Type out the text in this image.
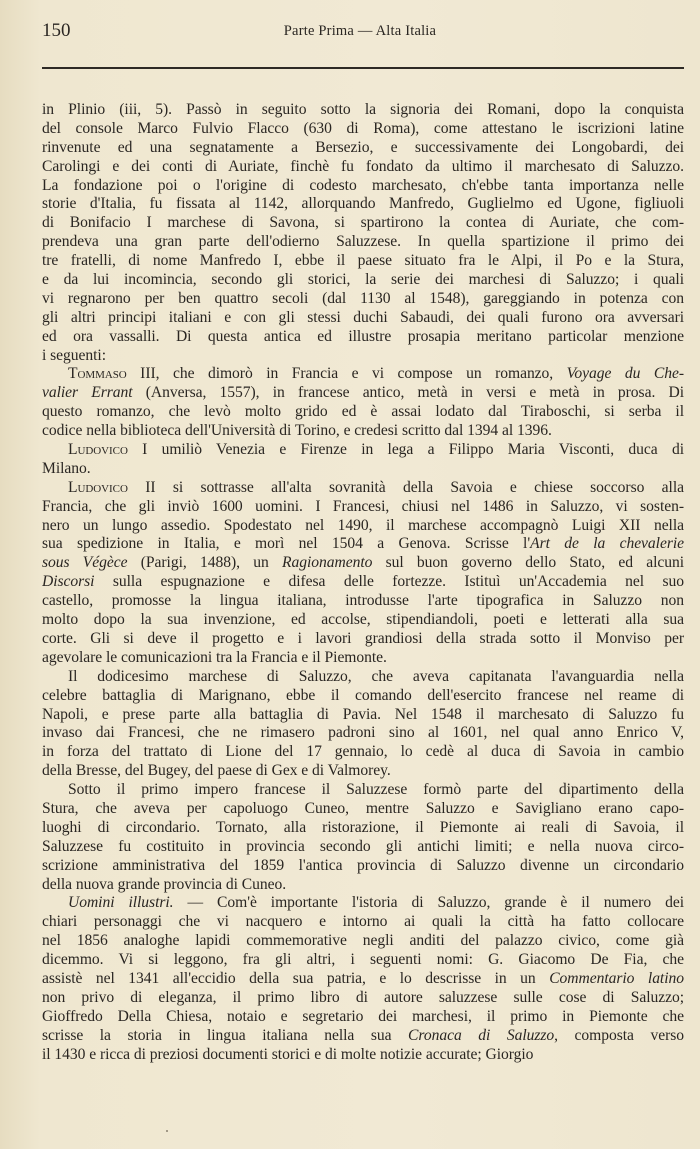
150	Parte Prima — Alta Italia
in Plinio (iii, 5). Passò in seguito sotto la signoria dei Romani, dopo la conquista
del console Marco Fulvio Flacco (630 di Roma), come attestano le iscrizioni latine
rinvenute ed una segnatamente a Bersezio, e successivamente dei Longobardi, dei
Carolingi e dei conti di Auriate, finchè fu fondato da ultimo il marchesato di Saluzzo.
La fondazione poi o l'origine di codesto marchesato, ch'ebbe tanta importanza nelle
storie d'Italia, fu fissata al 1142, allorquando Manfredo, Guglielmo ed Ugone, figliuoli
di Bonifacio I marchese di Savona, si spartirono la contea di Auriate, che com-
prendeva una gran parte dell'odierno Saluzzese. In quella spartizione il primo dei
tre fratelli, di nome Manfredo I, ebbe il paese situato fra le Alpi, il Po e la Stura,
e da lui incomincia, secondo gli storici, la serie dei marchesi di Saluzzo; i quali
vi regnarono per ben quattro secoli (dal 1130 al 1548), gareggiando in potenza con
gli altri principi italiani e con gli stessi duchi Sabaudi, dei quali furono ora avversari
ed ora vassalli. Di questa antica ed illustre prosapia meritano particolar menzione
i seguenti:
Tommaso III, che dimorò in Francia e vi compose un romanzo, Voyage du Che-
valier Errant (Anversa, 1557), in francese antico, metà in versi e metà in prosa. Di
questo romanzo, che levò molto grido ed è assai lodato dal Tiraboschi, si serba il
codice nella biblioteca dell'Università di Torino, e credesi scritto dal 1394 al 1396.
Ludovico I umiliò Venezia e Firenze in lega a Filippo Maria Visconti, duca di
Milano.
Ludovico II si sottrasse all'alta sovranità della Savoia e chiese soccorso alla
Francia, che gli inviò 1600 uomini. I Francesi, chiusi nel 1486 in Saluzzo, vi sosten-
nero un lungo assedio. Spodestato nel 1490, il marchese accompagnò Luigi XII nella
sua spedizione in Italia, e morì nel 1504 a Genova. Scrisse l'Art de la chevalerie
sous Végèce (Parigi, 1488), un Ragionamento sul buon governo dello Stato, ed alcuni
Discorsi sulla espugnazione e difesa delle fortezze. Istituì un'Accademia nel suo
castello, promosse la lingua italiana, introdusse l'arte tipografica in Saluzzo non
molto dopo la sua invenzione, ed accolse, stipendiandoli, poeti e letterati alla sua
corte. Gli si deve il progetto e i lavori grandiosi della strada sotto il Monviso per
agevolare le comunicazioni tra la Francia e il Piemonte.
Il dodicesimo marchese di Saluzzo, che aveva capitanata l'avanguardia nella
celebre battaglia di Marignano, ebbe il comando dell'esercito francese nel reame di
Napoli, e prese parte alla battaglia di Pavia. Nel 1548 il marchesato di Saluzzo fu
invaso dai Francesi, che ne rimasero padroni sino al 1601, nel qual anno Enrico V,
in forza del trattato di Lione del 17 gennaio, lo cedè al duca di Savoia in cambio
della Bresse, del Bugey, del paese di Gex e di Valmorey.
Sotto il primo impero francese il Saluzzese formò parte del dipartimento della
Stura, che aveva per capoluogo Cuneo, mentre Saluzzo e Savigliano erano capo-
luoghi di circondario. Tornato, alla ristorazione, il Piemonte ai reali di Savoia, il
Saluzzese fu costituito in provincia secondo gli antichi limiti; e nella nuova circo-
scrizione amministrativa del 1859 l'antica provincia di Saluzzo divenne un circondario
della nuova grande provincia di Cuneo.
Uomini illustri. — Com'è importante l'istoria di Saluzzo, grande è il numero dei
chiari personaggi che vi nacquero e intorno ai quali la città ha fatto collocare
nel 1856 analoghe lapidi commemorative negli anditi del palazzo civico, come già
dicemmo. Vi si leggono, fra gli altri, i seguenti nomi: G. Giacomo De Fia, che
assistè nel 1341 all'eccidio della sua patria, e lo descrisse in un Commentario latino
non privo di eleganza, il primo libro di autore saluzzese sulle cose di Saluzzo;
Gioffredo Della Chiesa, notaio e segretario dei marchesi, il primo in Piemonte che
scrisse la storia in lingua italiana nella sua Cronaca di Saluzzo, composta verso
il 1430 e ricca di preziosi documenti storici e di molte notizie accurate; Giorgio
